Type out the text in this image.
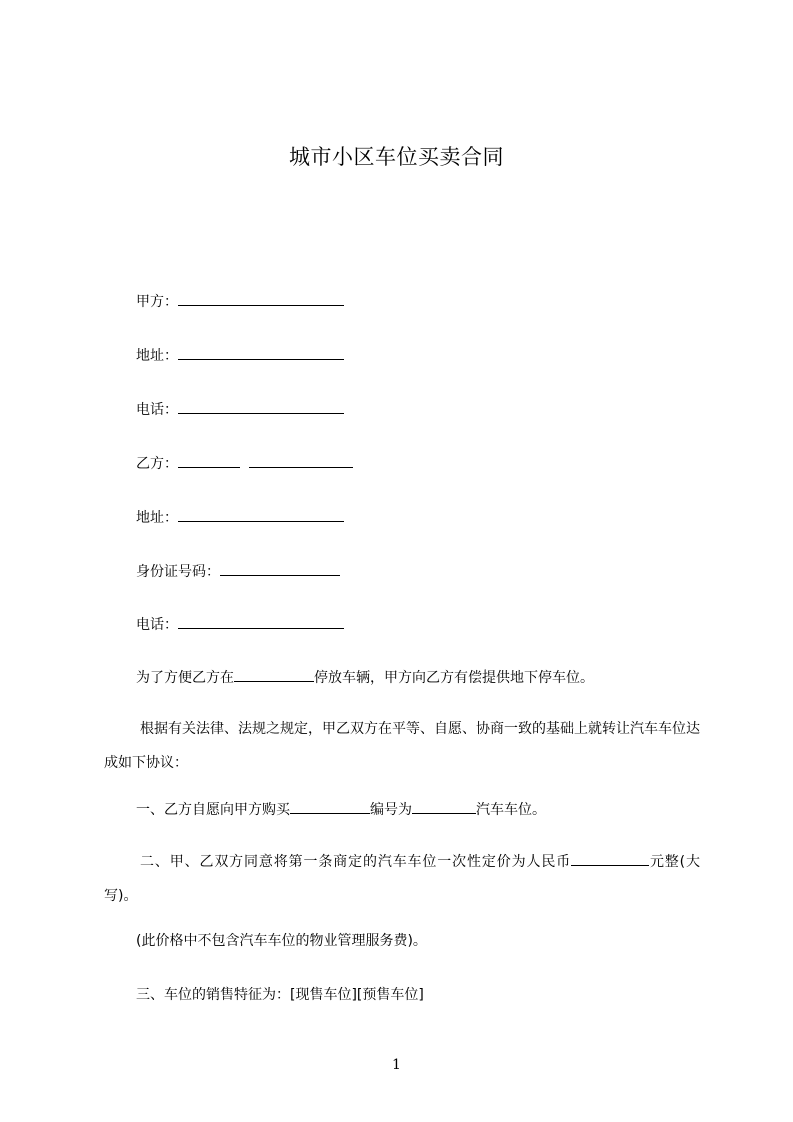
城市小区车位买卖合同
甲方：
地址：
电话：
乙方：
地址：
身份证号码：
电话：
为了方便乙方在	停放车辆，甲方向乙方有偿提供地下停车位。
根据有关法律、法规之规定，甲乙双方在平等、自愿、协商一致的基础上就转让汽车车位达成如下协议：
一、乙方自愿向甲方购买	编号为	汽车车位。
二、甲、乙双方同意将第一条商定的汽车车位一次性定价为人民币	元整(大写)。
(此价格中不包含汽车车位的物业管理服务费)。
三、车位的销售特征为：[现售车位][预售车位]
1
